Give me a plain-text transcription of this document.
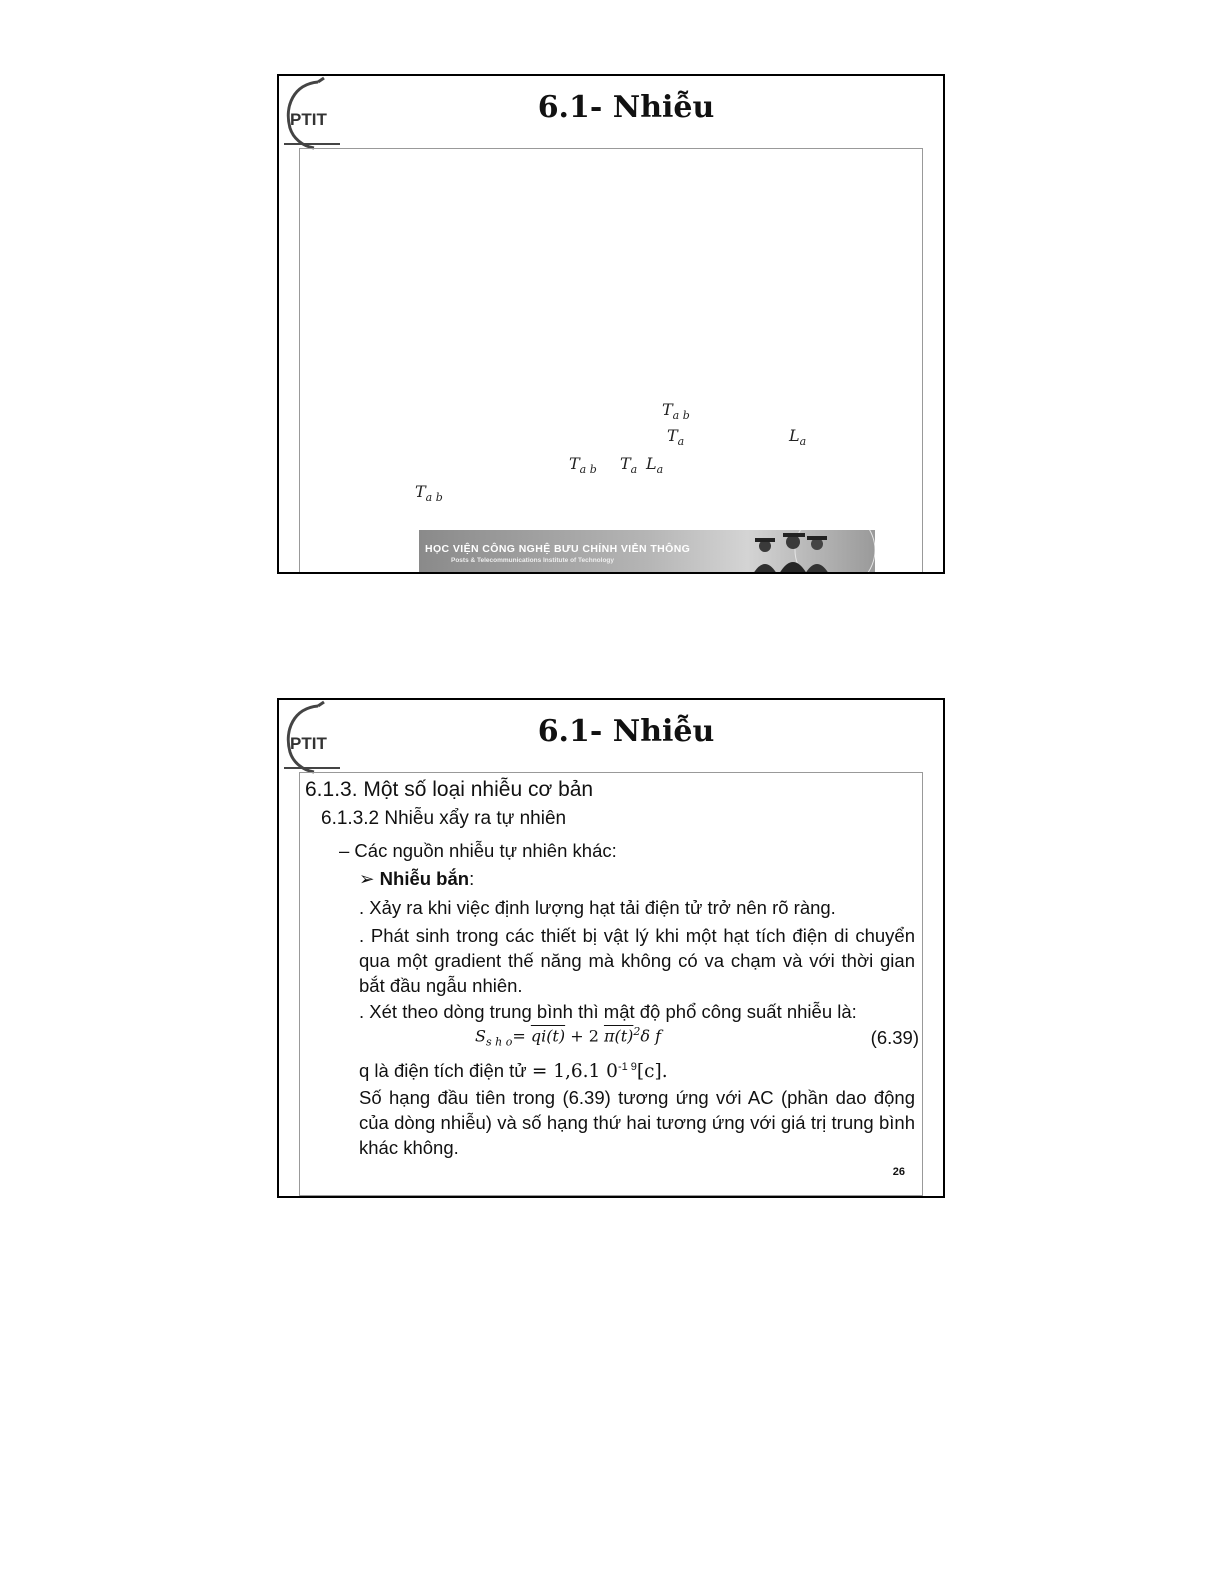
PTIT	6.1- Nhiễu
$T_{a b}$
$T_a$	$L_a$
$T_{a b}$ $T_a$ $L_a$
$T_{a b}$
HỌC VIỆN CÔNG NGHỆ BƯU CHÍNH VIỄN THÔNG
Posts & Telecommunications Institute of Technology
PTIT	6.1- Nhiễu
6.1.3. Một số loại nhiễu cơ bản
6.1.3.2 Nhiễu xẩy ra tự nhiên
– Các nguồn nhiễu tự nhiên khác:
➢ Nhiễu bắn:
. Xảy ra khi việc định lượng hạt tải điện tử trở nên rõ ràng.
. Phát sinh trong các thiết bị vật lý khi một hạt tích điện di chuyển qua một gradient thế năng mà không có va chạm và với thời gian bắt đầu ngẫu nhiên.
. Xét theo dòng trung bình thì mật độ phổ công suất nhiễu là:
$S_{s h o}= qi(t) + 2$ $\pi(t)^2\delta$ f	(6.39)
q là điện tích điện tử = 1,6.1 $0^{-1 9}[c]$.
Số hạng đầu tiên trong (6.39) tương ứng với AC (phần dao động của dòng nhiễu) và số hạng thứ hai tương ứng với giá trị trung bình khác không.
26
